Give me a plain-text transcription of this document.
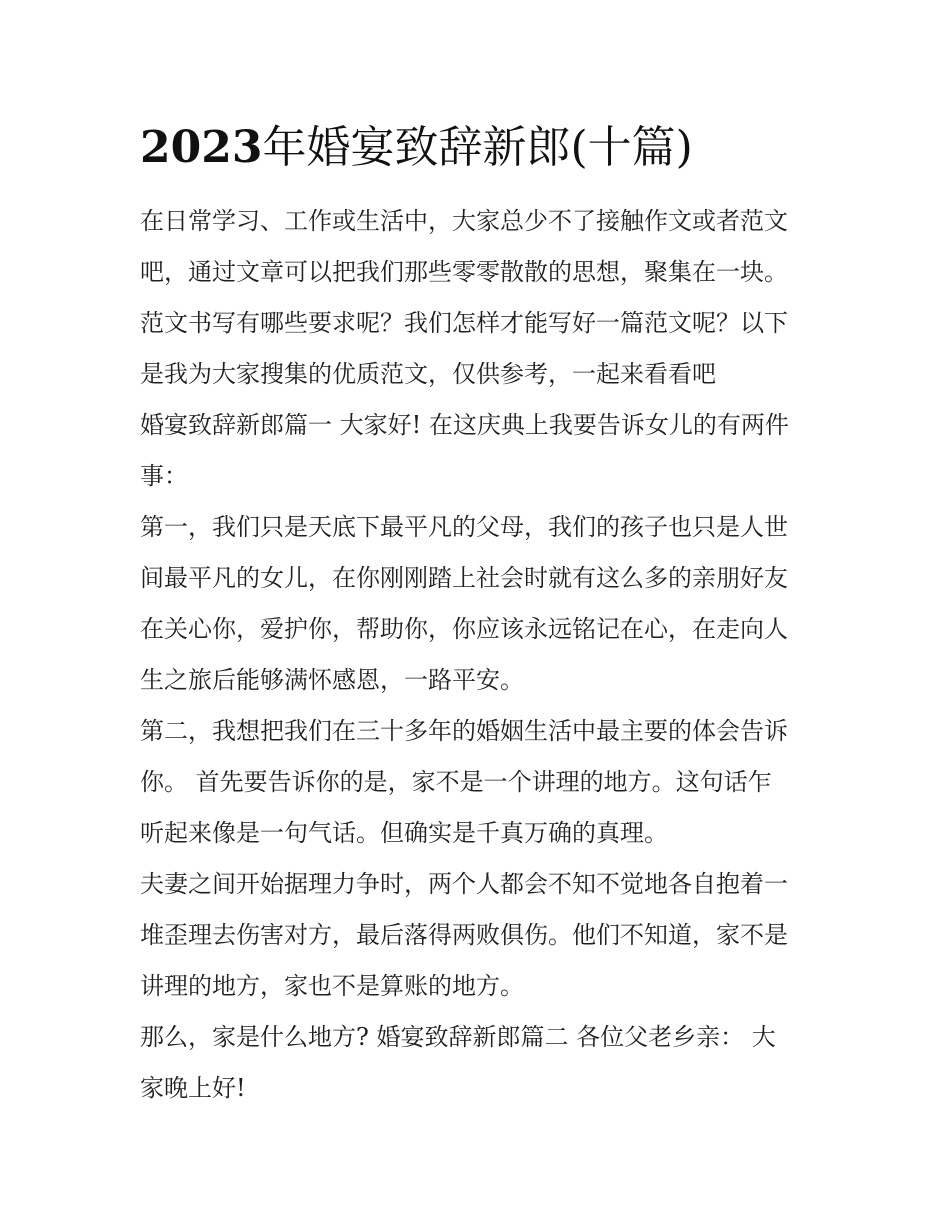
2023年婚宴致辞新郎(十篇)
在日常学习、工作或生活中，大家总少不了接触作文或者范文
吧，通过文章可以把我们那些零零散散的思想，聚集在一块。
范文书写有哪些要求呢？我们怎样才能写好一篇范文呢？以下
是我为大家搜集的优质范文，仅供参考，一起来看看吧
婚宴致辞新郎篇一 大家好! 在这庆典上我要告诉女儿的有两件
事：
第一，我们只是天底下最平凡的父母，我们的孩子也只是人世
间最平凡的女儿，在你刚刚踏上社会时就有这么多的亲朋好友
在关心你，爱护你，帮助你，你应该永远铭记在心，在走向人
生之旅后能够满怀感恩，一路平安。
第二，我想把我们在三十多年的婚姻生活中最主要的体会告诉
你。 首先要告诉你的是，家不是一个讲理的地方。这句话乍
听起来像是一句气话。但确实是千真万确的真理。
夫妻之间开始据理力争时，两个人都会不知不觉地各自抱着一
堆歪理去伤害对方，最后落得两败俱伤。他们不知道，家不是
讲理的地方，家也不是算账的地方。
那么，家是什么地方? 婚宴致辞新郎篇二 各位父老乡亲： 大
家晚上好!
